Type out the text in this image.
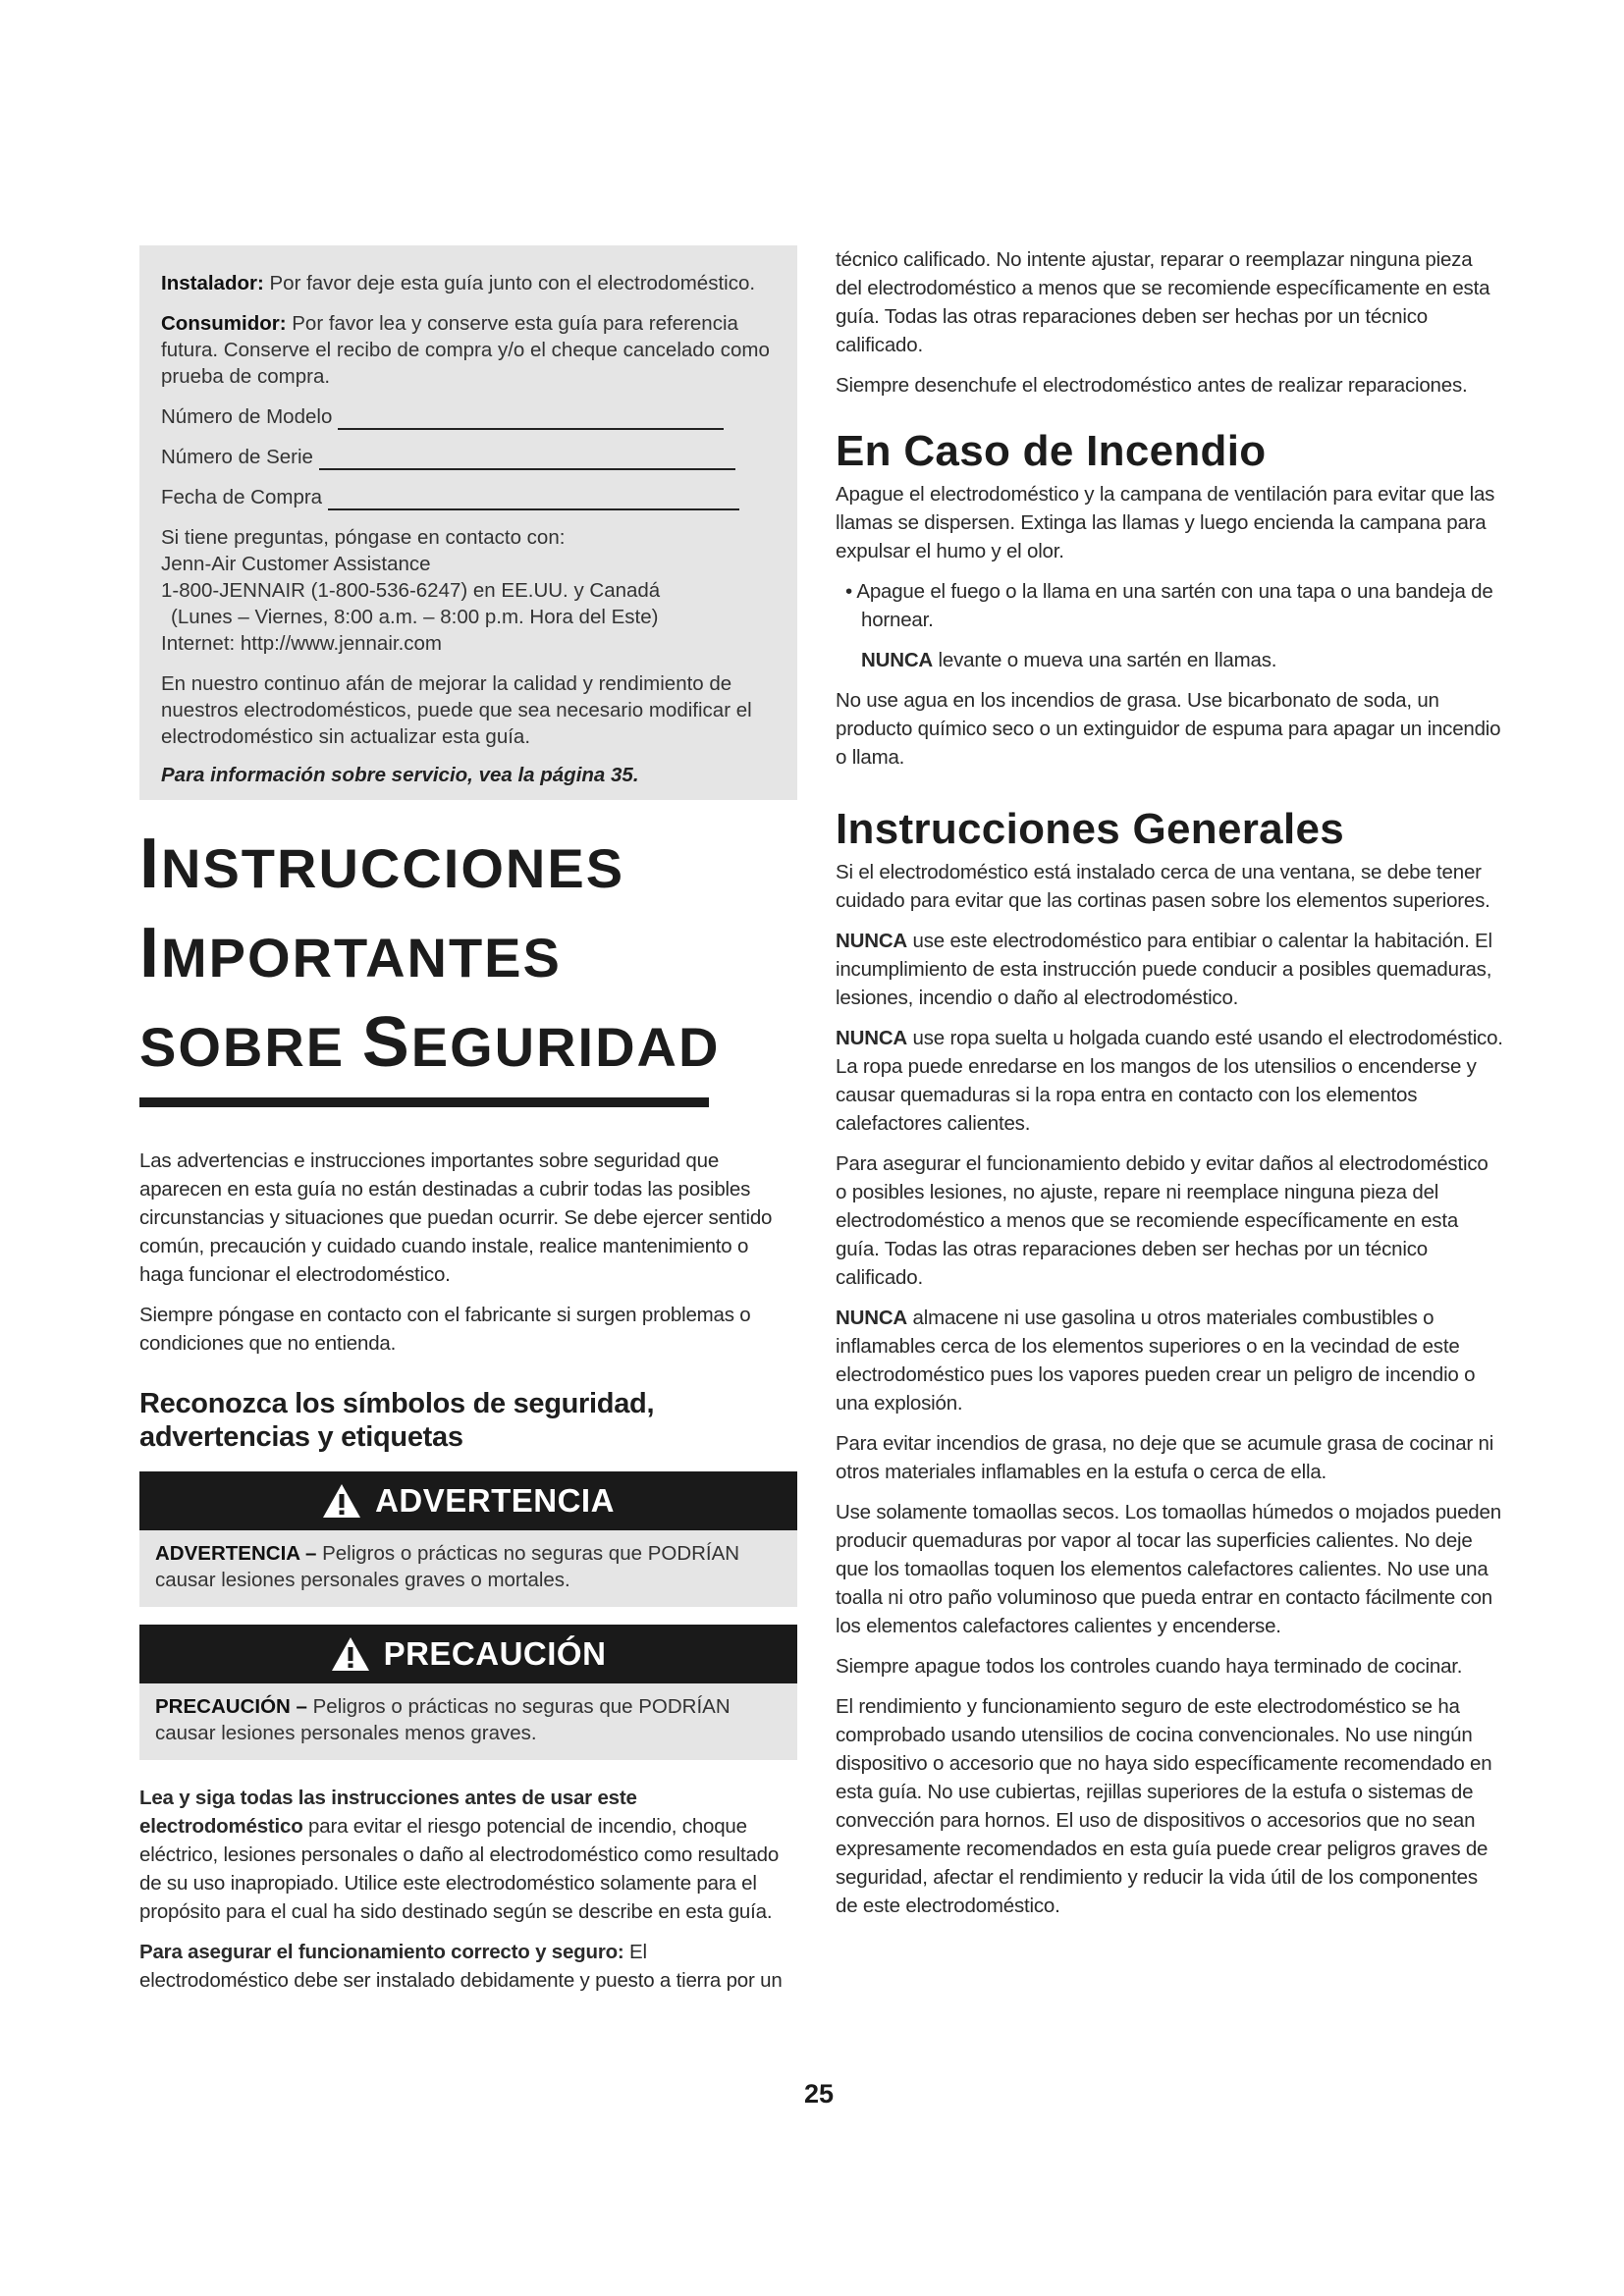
Instalador: Por favor deje esta guía junto con el electrodoméstico.

Consumidor: Por favor lea y conserve esta guía para referencia futura. Conserve el recibo de compra y/o el cheque cancelado como prueba de compra.

Número de Modelo
Número de Serie
Fecha de Compra
Si tiene preguntas, póngase en contacto con:
Jenn-Air Customer Assistance
1-800-JENNAIR (1-800-536-6247) en EE.UU. y Canadá
(Lunes – Viernes, 8:00 a.m. – 8:00 p.m. Hora del Este)
Internet: http://www.jennair.com

En nuestro continuo afán de mejorar la calidad y rendimiento de nuestros electrodomésticos, puede que sea necesario modificar el electrodoméstico sin actualizar esta guía.

Para información sobre servicio, vea la página 35.

INSTRUCCIONES
IMPORTANTES
SOBRE SEGURIDAD

Las advertencias e instrucciones importantes sobre seguridad que aparecen en esta guía no están destinadas a cubrir todas las posibles circunstancias y situaciones que puedan ocurrir. Se debe ejercer sentido común, precaución y cuidado cuando instale, realice mantenimiento o haga funcionar el electrodoméstico.

Siempre póngase en contacto con el fabricante si surgen problemas o condiciones que no entienda.

Reconozca los símbolos de seguridad, advertencias y etiquetas
ADVERTENCIA

ADVERTENCIA – Peligros o prácticas no seguras que PODRÍAN causar lesiones personales graves o mortales.

PRECAUCIÓN

PRECAUCIÓN – Peligros o prácticas no seguras que PODRÍAN causar lesiones personales menos graves.

Lea y siga todas las instrucciones antes de usar este electrodoméstico para evitar el riesgo potencial de incendio, choque eléctrico, lesiones personales o daño al electrodoméstico como resultado de su uso inapropiado. Utilice este electrodoméstico solamente para el propósito para el cual ha sido destinado según se describe en esta guía.

Para asegurar el funcionamiento correcto y seguro: El electrodoméstico debe ser instalado debidamente y puesto a tierra por un

técnico calificado. No intente ajustar, reparar o reemplazar ninguna pieza del electrodoméstico a menos que se recomiende específicamente en esta guía. Todas las otras reparaciones deben ser hechas por un técnico calificado.

Siempre desenchufe el electrodoméstico antes de realizar reparaciones.

En Caso de Incendio

Apague el electrodoméstico y la campana de ventilación para evitar que las llamas se dispersen. Extinga las llamas y luego encienda la campana para expulsar el humo y el olor.

• Apague el fuego o la llama en una sartén con una tapa o una bandeja de hornear.

NUNCA levante o mueva una sartén en llamas.

No use agua en los incendios de grasa. Use bicarbonato de soda, un producto químico seco o un extinguidor de espuma para apagar un incendio o llama.

Instrucciones Generales

Si el electrodoméstico está instalado cerca de una ventana, se debe tener cuidado para evitar que las cortinas pasen sobre los elementos superiores.

NUNCA use este electrodoméstico para entibiar o calentar la habitación. El incumplimiento de esta instrucción puede conducir a posibles quemaduras, lesiones, incendio o daño al electrodoméstico.

NUNCA use ropa suelta u holgada cuando esté usando el electrodoméstico. La ropa puede enredarse en los mangos de los utensilios o encenderse y causar quemaduras si la ropa entra en contacto con los elementos calefactores calientes.

Para asegurar el funcionamiento debido y evitar daños al electrodoméstico o posibles lesiones, no ajuste, repare ni reemplace ninguna pieza del electrodoméstico a menos que se recomiende específicamente en esta guía. Todas las otras reparaciones deben ser hechas por un técnico calificado.

NUNCA almacene ni use gasolina u otros materiales combustibles o inflamables cerca de los elementos superiores o en la vecindad de este electrodoméstico pues los vapores pueden crear un peligro de incendio o una explosión.

Para evitar incendios de grasa, no deje que se acumule grasa de cocinar ni otros materiales inflamables en la estufa o cerca de ella.

Use solamente tomaollas secos. Los tomaollas húmedos o mojados pueden producir quemaduras por vapor al tocar las superficies calientes. No deje que los tomaollas toquen los elementos calefactores calientes. No use una toalla ni otro paño voluminoso que pueda entrar en contacto fácilmente con los elementos calefactores calientes y encenderse.

Siempre apague todos los controles cuando haya terminado de cocinar.

El rendimiento y funcionamiento seguro de este electrodoméstico se ha comprobado usando utensilios de cocina convencionales. No use ningún dispositivo o accesorio que no haya sido específicamente recomendado en esta guía. No use cubiertas, rejillas superiores de la estufa o sistemas de convección para hornos. El uso de dispositivos o accesorios que no sean expresamente recomendados en esta guía puede crear peligros graves de seguridad, afectar el rendimiento y reducir la vida útil de los componentes de este electrodoméstico.

25
